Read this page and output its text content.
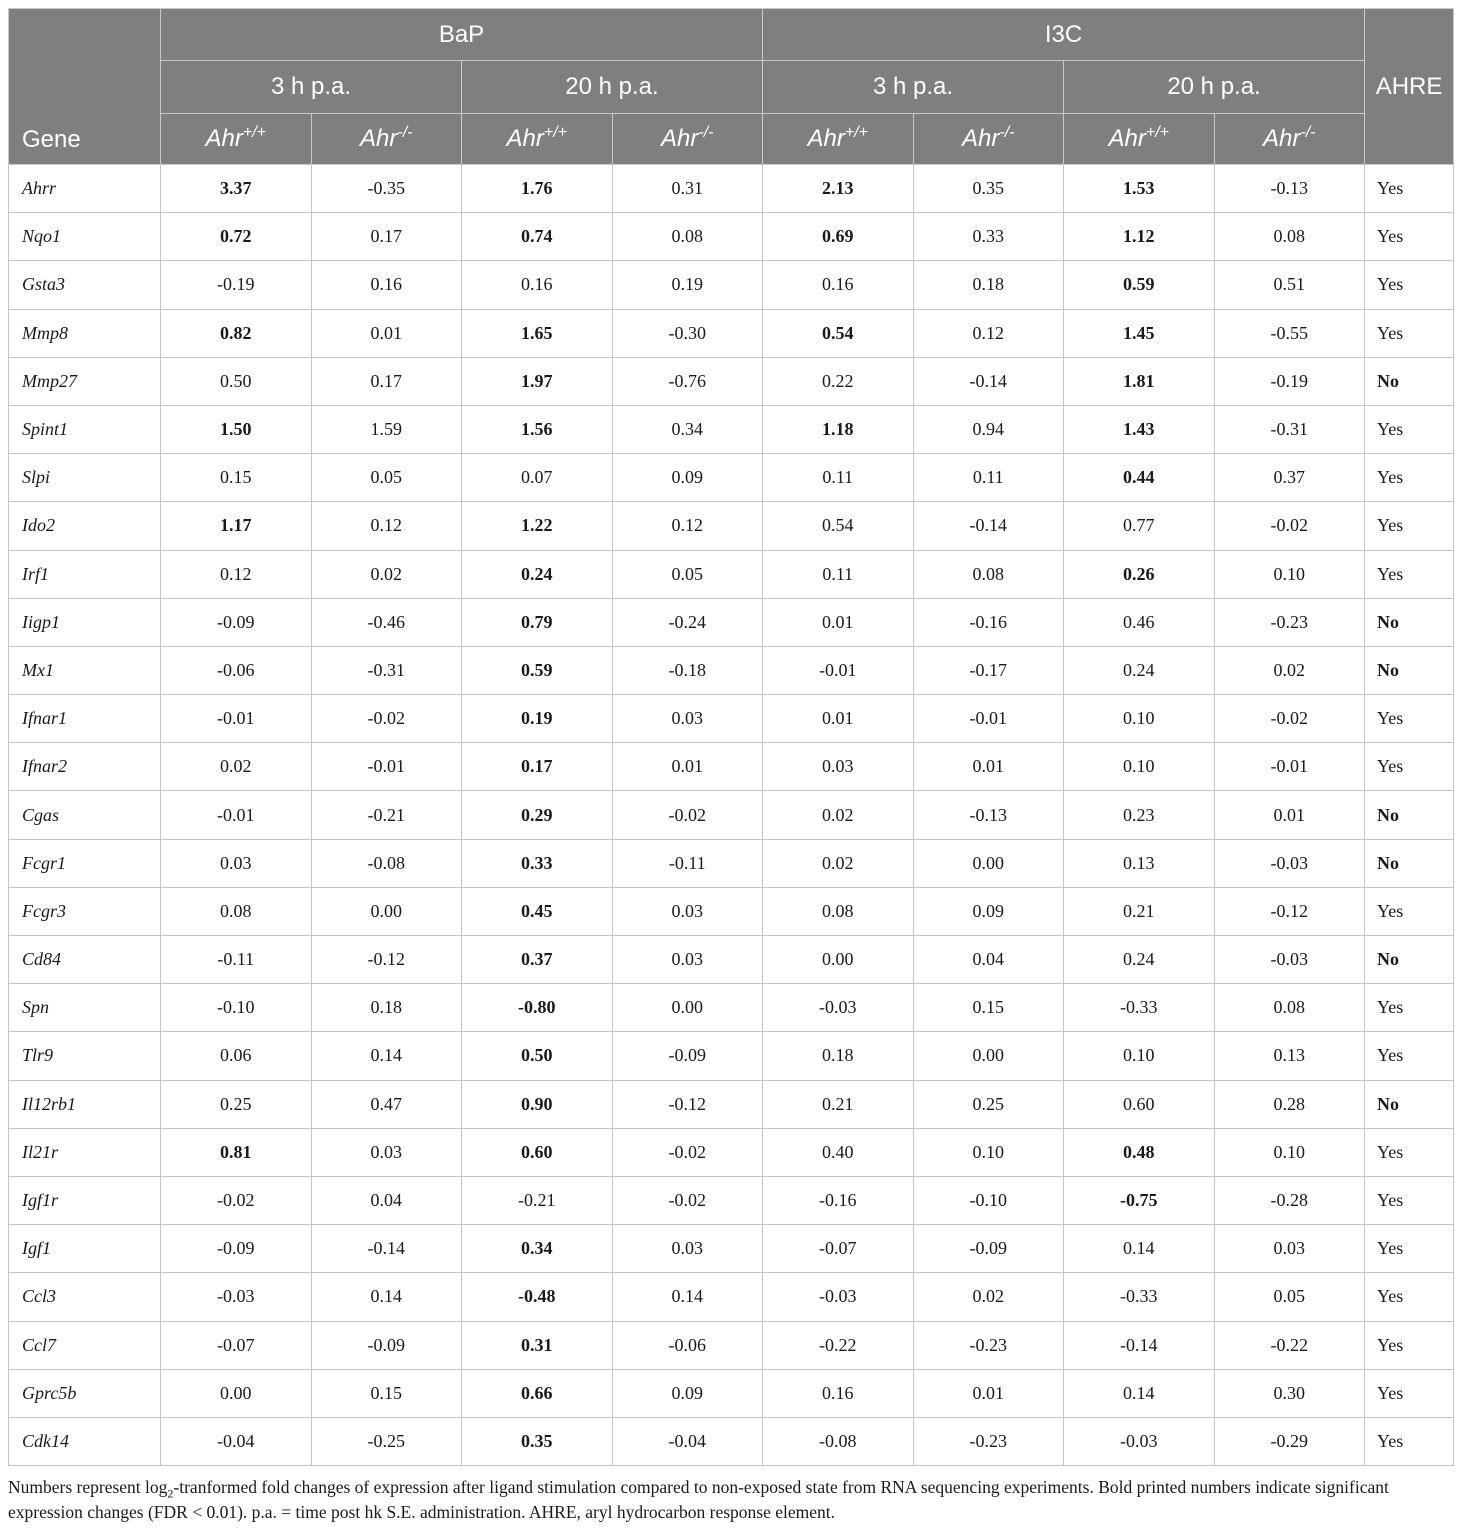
Gene	BaP				I3C				AHRE
	3 h p.a.		20 h p.a.		3 h p.a.		20 h p.a.		
	Ahr+/+	Ahr-/-	Ahr+/+	Ahr-/-	Ahr+/+	Ahr-/-	Ahr+/+	Ahr-/-
Ahrr	3.37	-0.35	1.76	0.31	2.13	0.35	1.53	-0.13	Yes
Nqo1	0.72	0.17	0.74	0.08	0.69	0.33	1.12	0.08	Yes
Gsta3	-0.19	0.16	0.16	0.19	0.16	0.18	0.59	0.51	Yes
Mmp8	0.82	0.01	1.65	-0.30	0.54	0.12	1.45	-0.55	Yes
Mmp27	0.50	0.17	1.97	-0.76	0.22	-0.14	1.81	-0.19	No
Spint1	1.50	1.59	1.56	0.34	1.18	0.94	1.43	-0.31	Yes
Slpi	0.15	0.05	0.07	0.09	0.11	0.11	0.44	0.37	Yes
Ido2	1.17	0.12	1.22	0.12	0.54	-0.14	0.77	-0.02	Yes
Irf1	0.12	0.02	0.24	0.05	0.11	0.08	0.26	0.10	Yes
Iigp1	-0.09	-0.46	0.79	-0.24	0.01	-0.16	0.46	-0.23	No
Mx1	-0.06	-0.31	0.59	-0.18	-0.01	-0.17	0.24	0.02	No
Ifnar1	-0.01	-0.02	0.19	0.03	0.01	-0.01	0.10	-0.02	Yes
Ifnar2	0.02	-0.01	0.17	0.01	0.03	0.01	0.10	-0.01	Yes
Cgas	-0.01	-0.21	0.29	-0.02	0.02	-0.13	0.23	0.01	No
Fcgr1	0.03	-0.08	0.33	-0.11	0.02	0.00	0.13	-0.03	No
Fcgr3	0.08	0.00	0.45	0.03	0.08	0.09	0.21	-0.12	Yes
Cd84	-0.11	-0.12	0.37	0.03	0.00	0.04	0.24	-0.03	No
Spn	-0.10	0.18	-0.80	0.00	-0.03	0.15	-0.33	0.08	Yes
Tlr9	0.06	0.14	0.50	-0.09	0.18	0.00	0.10	0.13	Yes
Il12rb1	0.25	0.47	0.90	-0.12	0.21	0.25	0.60	0.28	No
Il21r	0.81	0.03	0.60	-0.02	0.40	0.10	0.48	0.10	Yes
Igf1r	-0.02	0.04	-0.21	-0.02	-0.16	-0.10	-0.75	-0.28	Yes
Igf1	-0.09	-0.14	0.34	0.03	-0.07	-0.09	0.14	0.03	Yes
Ccl3	-0.03	0.14	-0.48	0.14	-0.03	0.02	-0.33	0.05	Yes
Ccl7	-0.07	-0.09	0.31	-0.06	-0.22	-0.23	-0.14	-0.22	Yes
Gprc5b	0.00	0.15	0.66	0.09	0.16	0.01	0.14	0.30	Yes
Cdk14	-0.04	-0.25	0.35	-0.04	-0.08	-0.23	-0.03	-0.29	Yes
Numbers represent $\log_2$-tranformed fold changes of expression after ligand stimulation compared to non-exposed state from RNA sequencing experiments. Bold printed numbers indicate significant expression changes (FDR < 0.01). p.a. = time post hk S.E. administration. AHRE, aryl hydrocarbon response element.
